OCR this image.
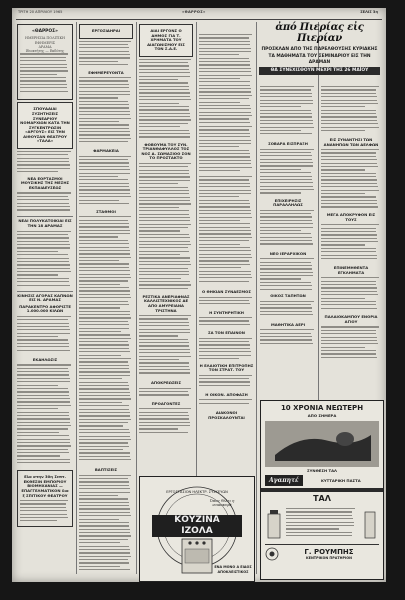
ΤΡΙΤΗ 20 ΑΠΡΙΛΙΟΥ 1965	«ΘΑΡΡΟΣ»	ΣΕΛΙΣ 3η
«ΘΑΡΡΟΣ»
ΗΜΕΡΗΣΙΑ ΠΟΛΙΤΙΚΗ ΕΦΗΜΕΡΙΣ
ΔΡΑΜΑ
Ιδιοκτήτης — Εκδότης
ΣΠΟΥΔΑΙΑΙ ΣΥΖΗΤΗΣΕΙΣ ΣΥΝΕΔΡΙΟΥ ΝΟΜΑΡΧΙΩΝ ΚΑΤΑ ΤΗΝ ΣΥΓΚΕΝΤΡΩΣΙΝ «ΑΡΓΟΥΣ» ΕΙΣ ΤΗΝ ΑΙΘΟΥΣΑΝ ΘΕΑΤΡΟΥ «ΤΑΛΑ»
ΝΕΑ ΕΟΡΤΑΣΜΟΙ ΜΟΥΣΙΚΗΣ ΤΗΣ ΜΕΣΗΣ ΕΚΠΑΙΔΕΥΣΕΩΣ
ΝΕΑΙ ΠΟΛΥΚΑΤΟΙΚΙΑΙ ΕΙΣ ΤΗΝ 18 ΔΡΑΜΑΣ
ΚΙΝΗΣΙΣ ΑΓΟΡΑΣ ΚΑΠΝΩΝ ΕΙΣ Ν. ΔΡΑΜΑΣ
ΠΑΡΑΚΕΝΤΡΟ ΑΦΟΡΙΣΤΕ 1.000.000 ΚΙΛΩΝ
ΕΚΔΗΛΩΣΙΣ
Ελα στην 30η Σεπτ. ΕΚΘΕΣΙΝ ΕΜΠΟΡΙΟΥ ΒΙΟΜΗΧΑΝΙΑΣ — ΕΠΑΓΓΕΛΜΑΤΙΚΟΝ δια ξ ΣΠΙΤΙΚΟΥ ΘΕΑΤΡΟΥ
ΕΡΓΟΣΙΔΗΡΑΙ
ΕΦΗΜΕΡΕΥΟΝΤΑ
ΦΑΡΜΑΚΕΙΑ
ΣΤΑΘΜΟΙ
ΒΑΠΤΙΣΕΙΣ
ΑΙΑΙ ΕΡΓΟΝΣ Ο ΔΗΜΟΣ ΓΙΑ Τ. ΧΡΗΜΑΤΑ ΤΟΥ ΔΙΑΓΩΝΙΣΜΟΥ ΕΙΣ ΤΟΝ Σ.Α.Ε.
ΦΟΒΟΥΜΑ ΤΟΥ ΣΥΝ. ΤΡΙΑΝΘΑΦΥΛΛΟΣ ΤΟΣ ΝΟΣ Δ. ΣΩΜΑΣΙΟΟ ΣΟΝ ΤΟ ΠΡΟΣΤΑΚΤΟ
ΡΕΣΤΙΚΑ ΑΝΕΡΙΑΦΝΑΣ ΚΑΛΛΙΣΤΕΧΝΙΚΟΣ ΔΕ ΑΠΟ ΑΜΥΡΕΙΑΝΑ ΤΡΙΣΤΗΝΑ
ΑΠΟΚΡΕΩΣΕΙΣ
ΠΡΟΑΓΟΝΤΕΣ
Ο ΘΗΚΙΑΝ ΣΥΝΔΕΣΜΟΣ
Η ΣΥΝΤΗΡΗΤΙΚΗ
ΣΑ ΤΟΝ ΕΠΑΙΝΟΝ
Η ΕΛΑΙΟΤΙΚΗ ΕΠΙΤΡΟΠΗΣ ΤΟΝ ΣΤΡΑΤ. ΤΟΥ
Η ΟΙΚΟΝ. ΑΠΟΦΑΣΗ
ΔΙΑΚΟΝΟΙ ΠΡΟΣΚΑΛΟΥΝΤΑΙ
ἀπό Πιερίας εἰς Πιερίαν
ΠΡΟΣΚΛΑΝ ΑΠΟ ΤΗΣ ΠΑΡΕΛΘΟΥΣΗΣ ΚΥΡΙΑΚΗΣ
ΤΑ ΜΑΘΗΜΑΤΑ ΤΟΥ ΣΕΜΙΝΑΡΙΟΥ ΕΙΣ ΤΗΝ ΔΡΑΜΑΝ
ΘΑ ΣΥΝΕΧΙΣΘΟΥΝ ΜΕΧΡΙ ΤΗΣ 26 ΜΑΪΟΥ
ΣΟΒΑΡΑ ΕΙΣΠΡΑΞΗ
ΕΠΙΧΕΙΡΗΣΙΣ ΠΑΡΑΛΛΗΛΩΣ
ΝΕΟ ΙΕΡΑΡΧΙΚΟΝ
ΟΙΚΟΣ ΤΑΠΗΤΩΝ
ΜΑΘΗΤΙΚΑ ΑΕΡΙ
ΕΙΣ ΣΥΝΑΝΤΗΣΙ ΤΩΝ ΑΝΑΝΗΠΩΝ ΤΩΝ ΔΕΛΦΩΝ
ΜΕΓΑ ΑΠΟΚΡΥΦΟΝ ΕΙΣ ΤΟΥΣ
ΕΠΙΝΕΜΗΘΕΝΤΑ ΕΓΚΛΗΜΑΤΑ
ΠΑΛΑΙΟΚΑΜΠΟΥ ΕΝΟΡΙΑ ΑΓΙΟΥ
ΕΡΓΟΣΤΑΣΙΟΝ ΗΛΕΚΤΡ. ΣΥΣΚΕΥΩΝ
Όπως θέλει η νοικοκυρά
ΚΟΥΖΙΝΑ
ΙΖΟΛΑ
ΕΝΑ ΜΟΝΟ Α ΕΙΔΟΣ
ΑΠΟΚΛΕΙΣΤΙΚΟΣ
10 ΧΡΟΝΙΑ ΝΕΩΤΕΡΗ
ΑΠΟ ΣΗΜΕΡΑ
ΣΥΝΘΕΣΗ ΤΑΛ
Αγαπητέ	ΚΥΤΤΑΡΙΚΗ ΠΑΣΤΑ
ΤΑΛ
Γ. ΡΟΥΜΠΗΣ
ΚΕΝΤΡΙΚΟΝ ΠΡΑΤΗΡΙΟΝ
